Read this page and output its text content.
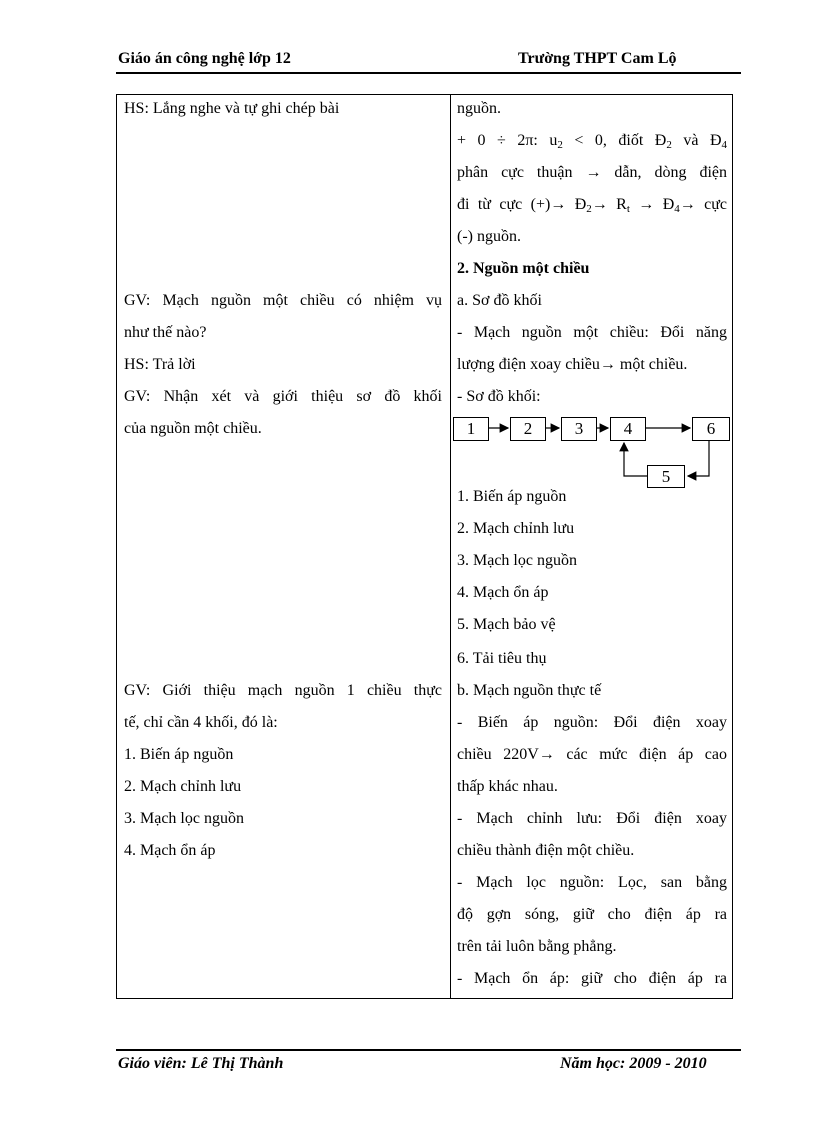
Giáo án công nghệ lớp 12	Trường THPT Cam Lộ
HS: Lắng nghe và tự ghi chép bài
GV: Mạch nguồn một chiều có nhiệm vụ
như thế nào?
HS: Trả lời
GV: Nhận xét và giới thiệu sơ đồ khối
của nguồn một chiều.
GV: Giới thiệu mạch nguồn 1 chiều thực
tế, chỉ cần 4 khối, đó là:
1. Biến áp nguồn
2. Mạch chỉnh lưu
3. Mạch lọc nguồn
4. Mạch ổn áp
nguồn.
+ 0 ÷ 2π: $u_2 < 0$, điốt $Đ_2$ và $Đ_4$
phân cực thuận → dẫn, dòng điện
đi từ cực (+)→ $Đ_2\to R_t$ → $Đ_4\to$ cực
(-) nguồn.
2. Nguồn một chiều
a. Sơ đồ khối
- Mạch nguồn một chiều: Đổi năng
lượng điện xoay chiều→ một chiều.
- Sơ đồ khối:
1	2	3	4	6
5
1. Biến áp nguồn
2. Mạch chỉnh lưu
3. Mạch lọc nguồn
4. Mạch ổn áp
5. Mạch bảo vệ
6. Tải tiêu thụ
b. Mạch nguồn thực tế
- Biến áp nguồn: Đổi điện xoay
chiều 220V→ các mức điện áp cao
thấp khác nhau.
- Mạch chỉnh lưu: Đổi điện xoay
chiều thành điện một chiều.
- Mạch lọc nguồn: Lọc, san bằng
độ gợn sóng, giữ cho điện áp ra
trên tải luôn bằng phẳng.
- Mạch ổn áp: giữ cho điện áp ra
Giáo viên: Lê Thị Thành	Năm học: 2009 - 2010
